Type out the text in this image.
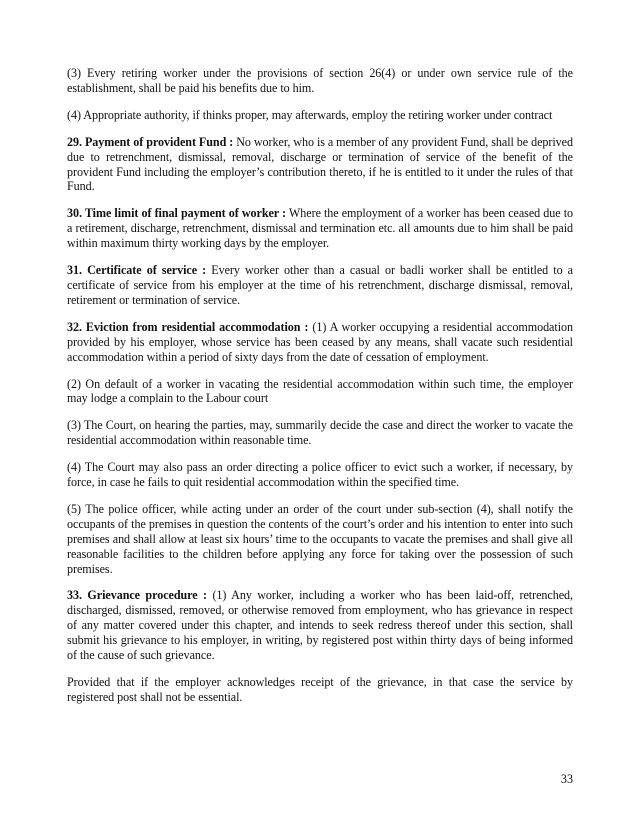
(3) Every retiring worker under the provisions of section 26(4) or under own service rule of the establishment, shall be paid his benefits due to him.

(4) Appropriate authority, if thinks proper, may afterwards, employ the retiring worker under contract

29. Payment of provident Fund : No worker, who is a member of any provident Fund, shall be deprived due to retrenchment, dismissal, removal, discharge or termination of service of the benefit of the provident Fund including the employer’s contribution thereto, if he is entitled to it under the rules of that Fund.

30. Time limit of final payment of worker : Where the employment of a worker has been ceased due to a retirement, discharge, retrenchment, dismissal and termination etc. all amounts due to him shall be paid within maximum thirty working days by the employer.

31. Certificate of service : Every worker other than a casual or badli worker shall be entitled to a certificate of service from his employer at the time of his retrenchment, discharge dismissal, removal, retirement or termination of service.

32. Eviction from residential accommodation : (1) A worker occupying a residential accommodation provided by his employer, whose service has been ceased by any means, shall vacate such residential accommodation within a period of sixty days from the date of cessation of employment.

(2) On default of a worker in vacating the residential accommodation within such time, the employer may lodge a complain to the Labour court

(3) The Court, on hearing the parties, may, summarily decide the case and direct the worker to vacate the residential accommodation within reasonable time.

(4) The Court may also pass an order directing a police officer to evict such a worker, if necessary, by force, in case he fails to quit residential accommodation within the specified time.

(5) The police officer, while acting under an order of the court under sub-section (4), shall notify the occupants of the premises in question the contents of the court’s order and his intention to enter into such premises and shall allow at least six hours’ time to the occupants to vacate the premises and shall give all reasonable facilities to the children before applying any force for taking over the possession of such premises.

33. Grievance procedure : (1) Any worker, including a worker who has been laid-off, retrenched, discharged, dismissed, removed, or otherwise removed from employment, who has grievance in respect of any matter covered under this chapter, and intends to seek redress thereof under this section, shall submit his grievance to his employer, in writing, by registered post within thirty days of being informed of the cause of such grievance.

Provided that if the employer acknowledges receipt of the grievance, in that case the service by registered post shall not be essential.

33
